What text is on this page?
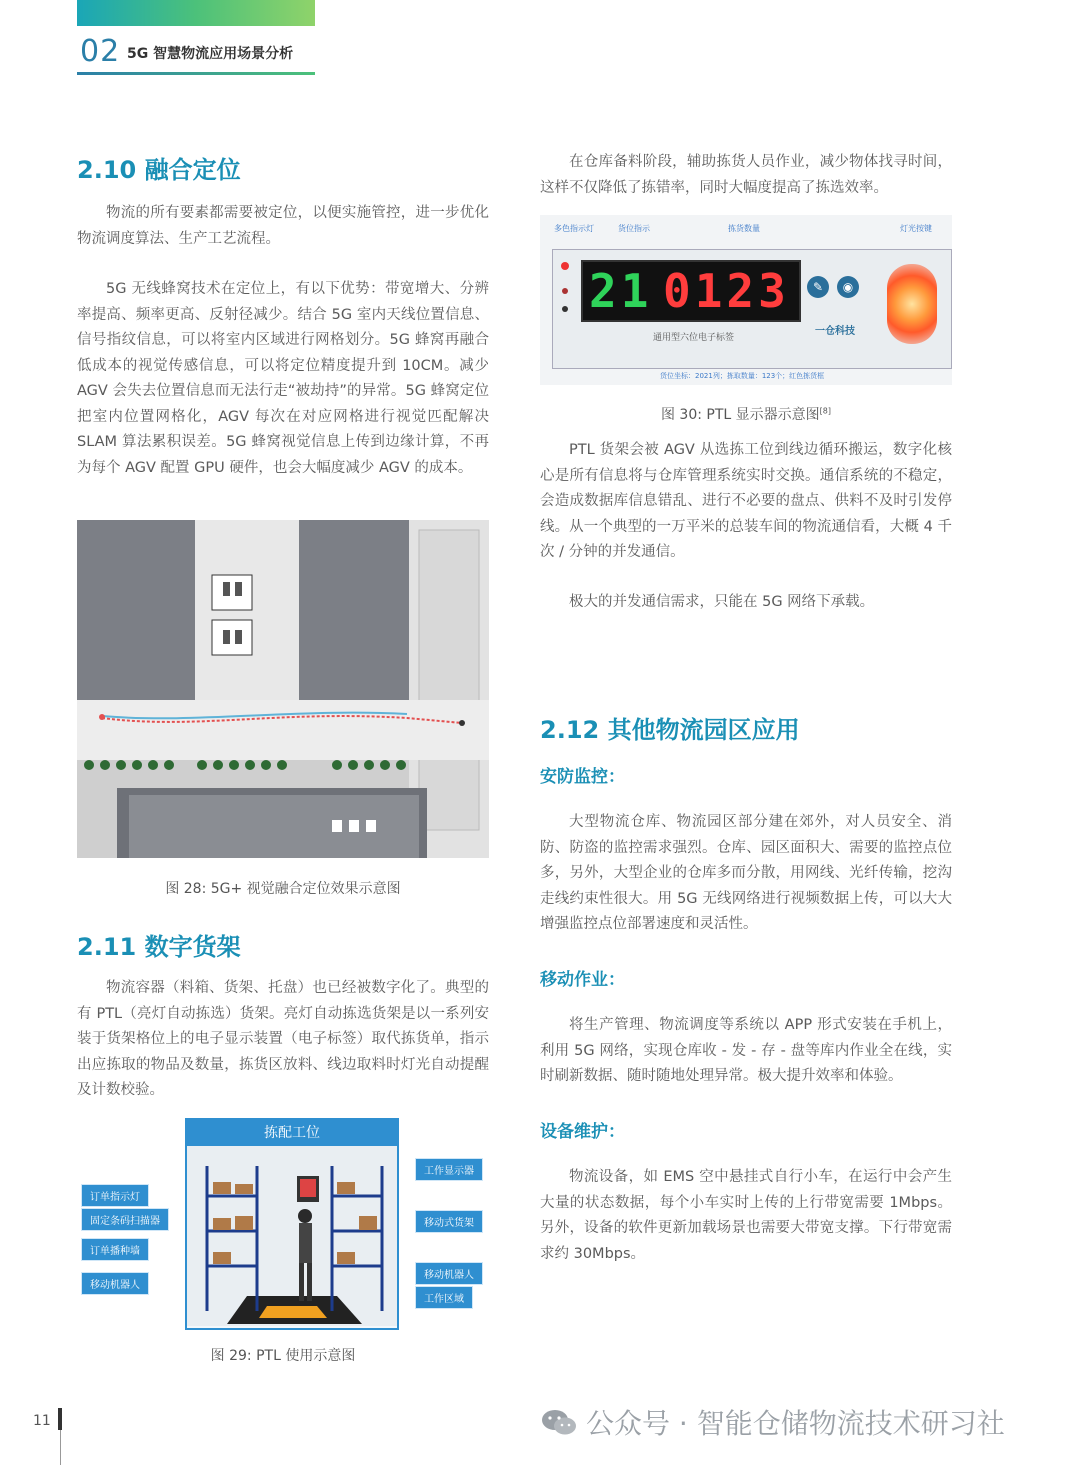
02 5G 智慧物流应用场景分析
2.10 融合定位
物流的所有要素都需要被定位，以便实施管控，进一步优化物流调度算法、生产工艺流程。
5G 无线蜂窝技术在定位上，有以下优势：带宽增大、分辨率提高、频率更高、反射径减少。结合 5G 室内天线位置信息、信号指纹信息，可以将室内区域进行网格划分。5G 蜂窝再融合低成本的视觉传感信息，可以将定位精度提升到 10CM。减少 AGV 会失去位置信息而无法行走“被劫持”的异常。5G 蜂窝定位把室内位置网格化，AGV 每次在对应网格进行视觉匹配解决 SLAM 算法累积误差。5G 蜂窝视觉信息上传到边缘计算，不再为每个 AGV 配置 GPU 硬件，也会大幅度减少 AGV 的成本。
图 28: 5G+ 视觉融合定位效果示意图
2.11 数字货架
物流容器（料箱、货架、托盘）也已经被数字化了。典型的有 PTL（亮灯自动拣选）货架。亮灯自动拣选货架是以一系列安装于货架格位上的电子显示装置（电子标签）取代拣货单，指示出应拣取的物品及数量，拣货区放料、线边取料时灯光自动提醒及计数校验。
拣配工位
订单指示灯
固定条码扫描器
订单播种墙
移动机器人
工作显示器
移动式货架
移动机器人
工作区域
图 29: PTL 使用示意图
在仓库备料阶段，辅助拣货人员作业，减少物体找寻时间，这样不仅降低了拣错率，同时大幅度提高了拣选效率。
多色指示灯	货位指示	拣货数量	灯光按键
21 0123	✎	◉
通用型六位电子标签
一仓科技
货位坐标：2021列；拣取数量：123个；红色拣货框
图 30: PTL 显示器示意图[8]
PTL 货架会被 AGV 从选拣工位到线边循环搬运，数字化核心是所有信息将与仓库管理系统实时交换。通信系统的不稳定，会造成数据库信息错乱、进行不必要的盘点、供料不及时引发停线。从一个典型的一万平米的总装车间的物流通信看，大概 4 千次 / 分钟的并发通信。
极大的并发通信需求，只能在 5G 网络下承载。
2.12 其他物流园区应用
安防监控：
大型物流仓库、物流园区部分建在郊外，对人员安全、消防、防盗的监控需求强烈。仓库、园区面积大、需要的监控点位多，另外，大型企业的仓库多而分散，用网线、光纤传输，挖沟走线约束性很大。用 5G 无线网络进行视频数据上传，可以大大增强监控点位部署速度和灵活性。
移动作业：
将生产管理、物流调度等系统以 APP 形式安装在手机上，利用 5G 网络，实现仓库收 - 发 - 存 - 盘等库内作业全在线，实时刷新数据、随时随地处理异常。极大提升效率和体验。
设备维护：
物流设备，如 EMS 空中悬挂式自行小车，在运行中会产生大量的状态数据，每个小车实时上传的上行带宽需要 1Mbps。另外，设备的软件更新加载场景也需要大带宽支撑。下行带宽需求约 30Mbps。
11	公众号 · 智能仓储物流技术研习社
